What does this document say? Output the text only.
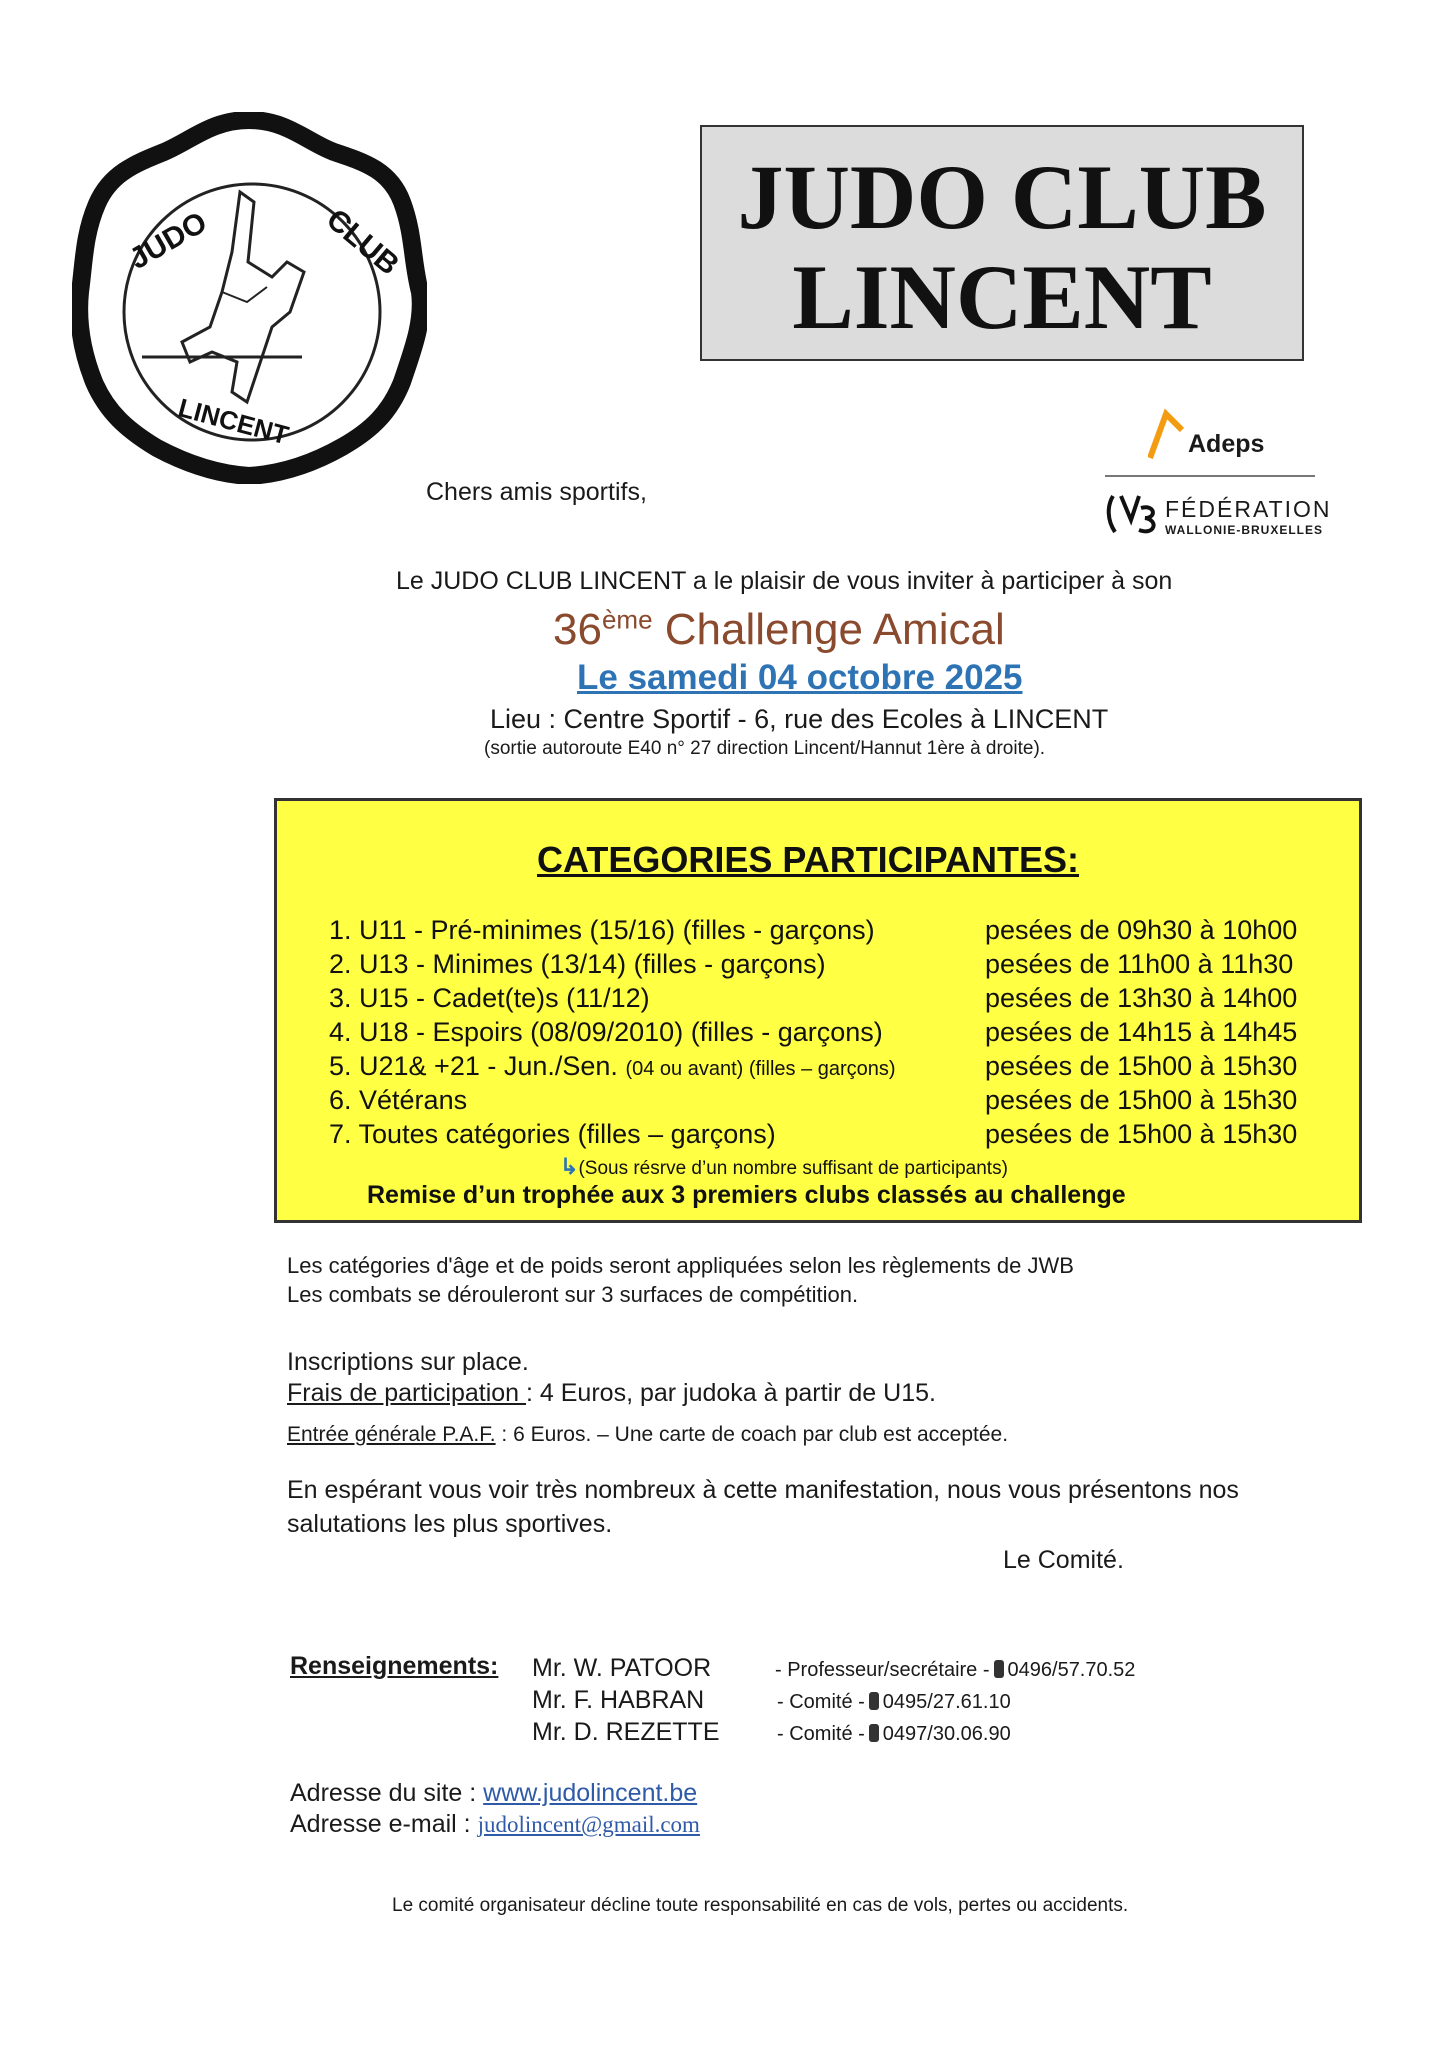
JUDO	CLUB
LINCENT
JUDO CLUB
LINCENT
Adeps
FÉDÉRATION
WALLONIE-BRUXELLES
Chers amis sportifs,
Le JUDO CLUB LINCENT a le plaisir de vous inviter à participer à son
36ème Challenge Amical
Le samedi 04 octobre 2025
Lieu : Centre Sportif - 6, rue des Ecoles à LINCENT
(sortie autoroute E40 n° 27 direction Lincent/Hannut 1ère à droite).
CATEGORIES PARTICIPANTES:
1. U11 - Pré-minimes (15/16) (filles - garçons)	pesées de 09h30 à 10h00
2. U13 - Minimes (13/14) (filles - garçons)	pesées de 11h00 à 11h30
3. U15 - Cadet(te)s (11/12)	pesées de 13h30 à 14h00
4. U18 - Espoirs (08/09/2010) (filles - garçons)	pesées de 14h15 à 14h45
5. U21& +21 - Jun./Sen. (04 ou avant) (filles – garçons)	pesées de 15h00 à 15h30
6. Vétérans	pesées de 15h00 à 15h30
7. Toutes catégories (filles – garçons)	pesées de 15h00 à 15h30
↳(Sous résrve d’un nombre suffisant de participants)
Remise d’un trophée aux 3 premiers clubs classés au challenge
Les catégories d'âge et de poids seront appliquées selon les règlements de JWB
Les combats se dérouleront sur 3 surfaces de compétition.
Inscriptions sur place.
Frais de participation : 4 Euros, par judoka à partir de U15.
Entrée générale P.A.F. : 6 Euros. – Une carte de coach par club est acceptée.
En espérant vous voir très nombreux à cette manifestation, nous vous présentons nos
salutations les plus sportives.
Le Comité.
Renseignements: Mr. W. PATOOR	- Professeur/secrétaire - 0496/57.70.52
Mr. F. HABRAN	- Comité - 0495/27.61.10
Mr. D. REZETTE	- Comité - 0497/30.06.90
Adresse du site : www.judolincent.be
Adresse e-mail : judolincent@gmail.com
Le comité organisateur décline toute responsabilité en cas de vols, pertes ou accidents.
